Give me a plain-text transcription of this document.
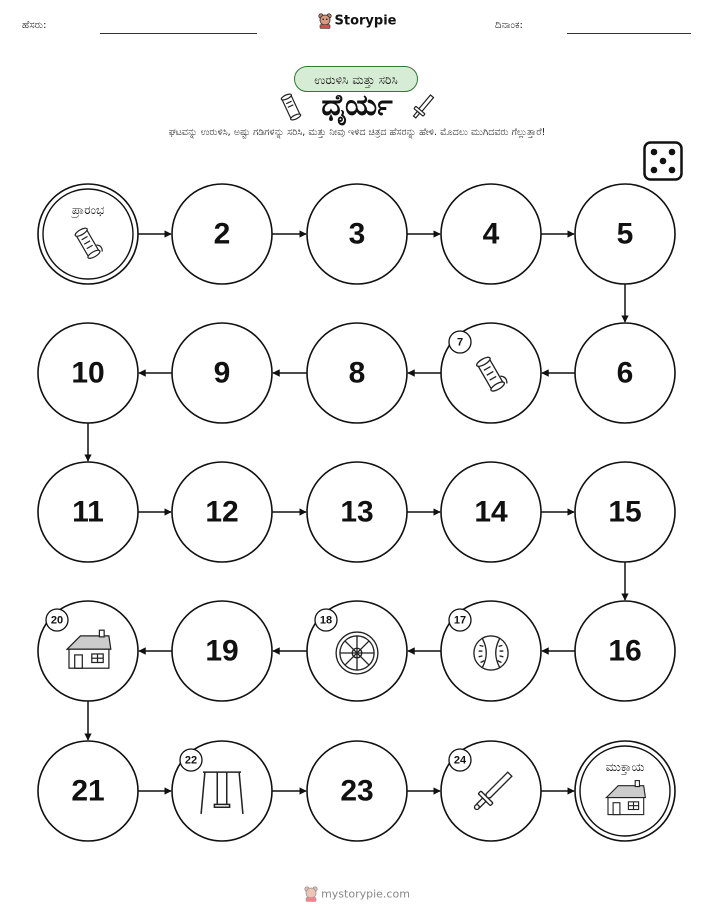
ಹೆಸರು:	ದಿನಾಂಕ:
Storypie
ಉರುಳಿಸಿ ಮತ್ತು ಸರಿಸಿ
ಧೈರ್ಯ
ಘಟವನ್ನು ಉರುಳಿಸಿ, ಅಷ್ಟು ಗಡಿಗಳನ್ನು ಸರಿಸಿ, ಮತ್ತು ನೀವು ಇಳಿದ ಚಿತ್ರದ ಹೆಸರನ್ನು ಹೇಳಿ. ಮೊದಲು ಮುಗಿದವರು ಗೆಲ್ಲುತ್ತಾರೆ!
ಪ್ರಾರಂಭ
2	3	4	5
6
7
8
9
10
11	12	13	14	15
16
17
18
19
20
21
22
23
24	ಮುಕ್ತಾಯ
mystorypie.com
